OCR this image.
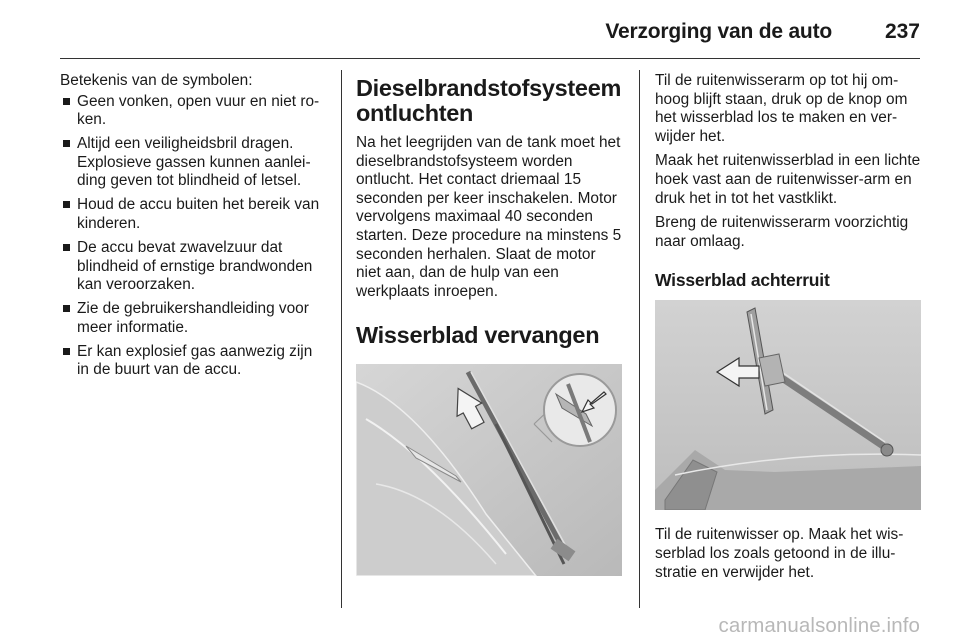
Verzorging van de auto	237

Betekenis van de symbolen:

Geen vonken, open vuur en niet ro-ken.
Altijd een veiligheidsbril dragen. Explosieve gassen kunnen aanlei-ding geven tot blindheid of letsel.
Houd de accu buiten het bereik van kinderen.
De accu bevat zwavelzuur dat blindheid of ernstige brandwonden kan veroorzaken.
Zie de gebruikershandleiding voor meer informatie.
Er kan explosief gas aanwezig zijn in de buurt van de accu.
Dieselbrandstofsysteem ontluchten

Na het leegrijden van de tank moet het dieselbrandstofsysteem worden ontlucht. Het contact driemaal 15 seconden per keer inschakelen. Motor vervolgens maximaal 40 seconden starten. Deze procedure na minstens 5 seconden herhalen. Slaat de motor niet aan, dan de hulp van een werkplaats inroepen.

Wisserblad vervangen

Til de ruitenwisserarm op tot hij om-hoog blijft staan, druk op de knop om het wisserblad los te maken en ver-wijder het.

Maak het ruitenwisserblad in een lichte hoek vast aan de ruitenwisser-arm en druk het in tot het vastklikt.

Breng de ruitenwisserarm voorzichtig naar omlaag.

Wisserblad achterruit

Til de ruitenwisser op. Maak het wis-serblad los zoals getoond in de illu-stratie en verwijder het.

carmanualsonline.info
